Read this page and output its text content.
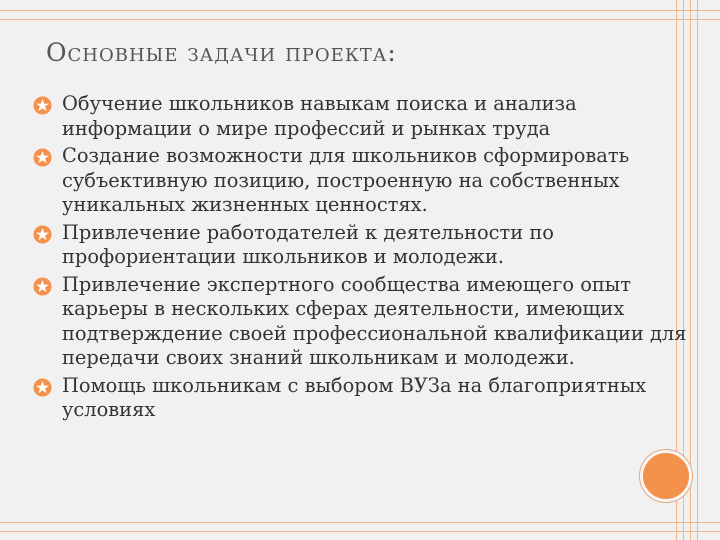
Основные задачи проекта:
Обучение школьников навыкам поиска и анализа информации о мире профессий и рынках труда
Создание возможности для школьников сформировать субъективную позицию, построенную на собственных уникальных жизненных ценностях.
Привлечение работодателей к деятельности по профориентации школьников и молодежи.
Привлечение экспертного сообщества имеющего опыт карьеры в нескольких сферах деятельности, имеющих подтверждение своей профессиональной квалификации для передачи своих знаний школьникам и молодежи.
Помощь школьникам с выбором ВУЗа на благоприятных условиях
